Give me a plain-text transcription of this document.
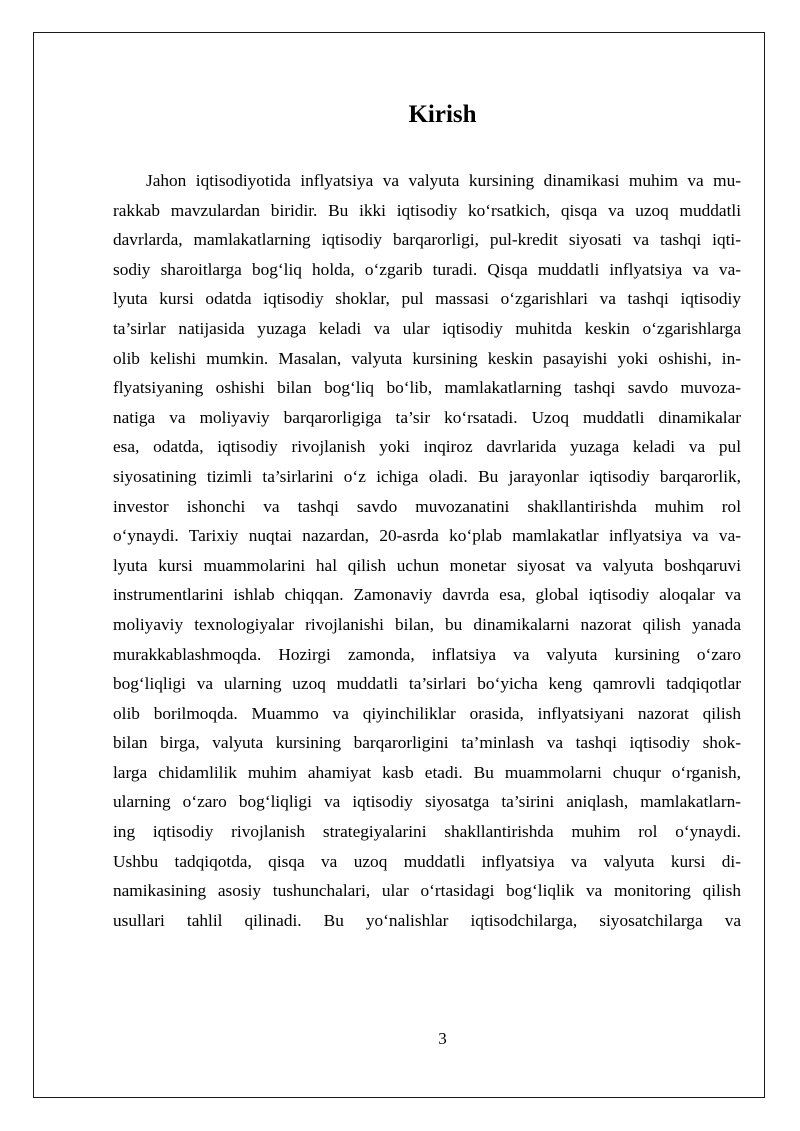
Kirish
Jahon iqtisodiyotida inflyatsiya va valyuta kursining dinamikasi muhim va mu-
rakkab mavzulardan biridir. Bu ikki iqtisodiy ko‘rsatkich, qisqa va uzoq muddatli
davrlarda, mamlakatlarning iqtisodiy barqarorligi, pul-kredit siyosati va tashqi iqti-
sodiy sharoitlarga bog‘liq holda, o‘zgarib turadi. Qisqa muddatli inflyatsiya va va-
lyuta kursi odatda iqtisodiy shoklar, pul massasi o‘zgarishlari va tashqi iqtisodiy
ta’sirlar natijasida yuzaga keladi va ular iqtisodiy muhitda keskin o‘zgarishlarga
olib kelishi mumkin. Masalan, valyuta kursining keskin pasayishi yoki oshishi, in-
flyatsiyaning oshishi bilan bog‘liq bo‘lib, mamlakatlarning tashqi savdo muvoza-
natiga va moliyaviy barqarorligiga ta’sir ko‘rsatadi. Uzoq muddatli dinamikalar
esa, odatda, iqtisodiy rivojlanish yoki inqiroz davrlarida yuzaga keladi va pul
siyosatining tizimli ta’sirlarini o‘z ichiga oladi. Bu jarayonlar iqtisodiy barqarorlik,
investor ishonchi va tashqi savdo muvozanatini shakllantirishda muhim rol
o‘ynaydi. Tarixiy nuqtai nazardan, 20-asrda ko‘plab mamlakatlar inflyatsiya va va-
lyuta kursi muammolarini hal qilish uchun monetar siyosat va valyuta boshqaruvi
instrumentlarini ishlab chiqqan. Zamonaviy davrda esa, global iqtisodiy aloqalar va
moliyaviy texnologiyalar rivojlanishi bilan, bu dinamikalarni nazorat qilish yanada
murakkablashmoqda. Hozirgi zamonda, inflatsiya va valyuta kursining o‘zaro
bog‘liqligi va ularning uzoq muddatli ta’sirlari bo‘yicha keng qamrovli tadqiqotlar
olib borilmoqda. Muammo va qiyinchiliklar orasida, inflyatsiyani nazorat qilish
bilan birga, valyuta kursining barqarorligini ta’minlash va tashqi iqtisodiy shok-
larga chidamlilik muhim ahamiyat kasb etadi. Bu muammolarni chuqur o‘rganish,
ularning o‘zaro bog‘liqligi va iqtisodiy siyosatga ta’sirini aniqlash, mamlakatlarn-
ing iqtisodiy rivojlanish strategiyalarini shakllantirishda muhim rol o‘ynaydi.
Ushbu tadqiqotda, qisqa va uzoq muddatli inflyatsiya va valyuta kursi di-
namikasining asosiy tushunchalari, ular o‘rtasidagi bog‘liqlik va monitoring qilish
usullari tahlil qilinadi. Bu yo‘nalishlar iqtisodchilarga, siyosatchilarga va
3
